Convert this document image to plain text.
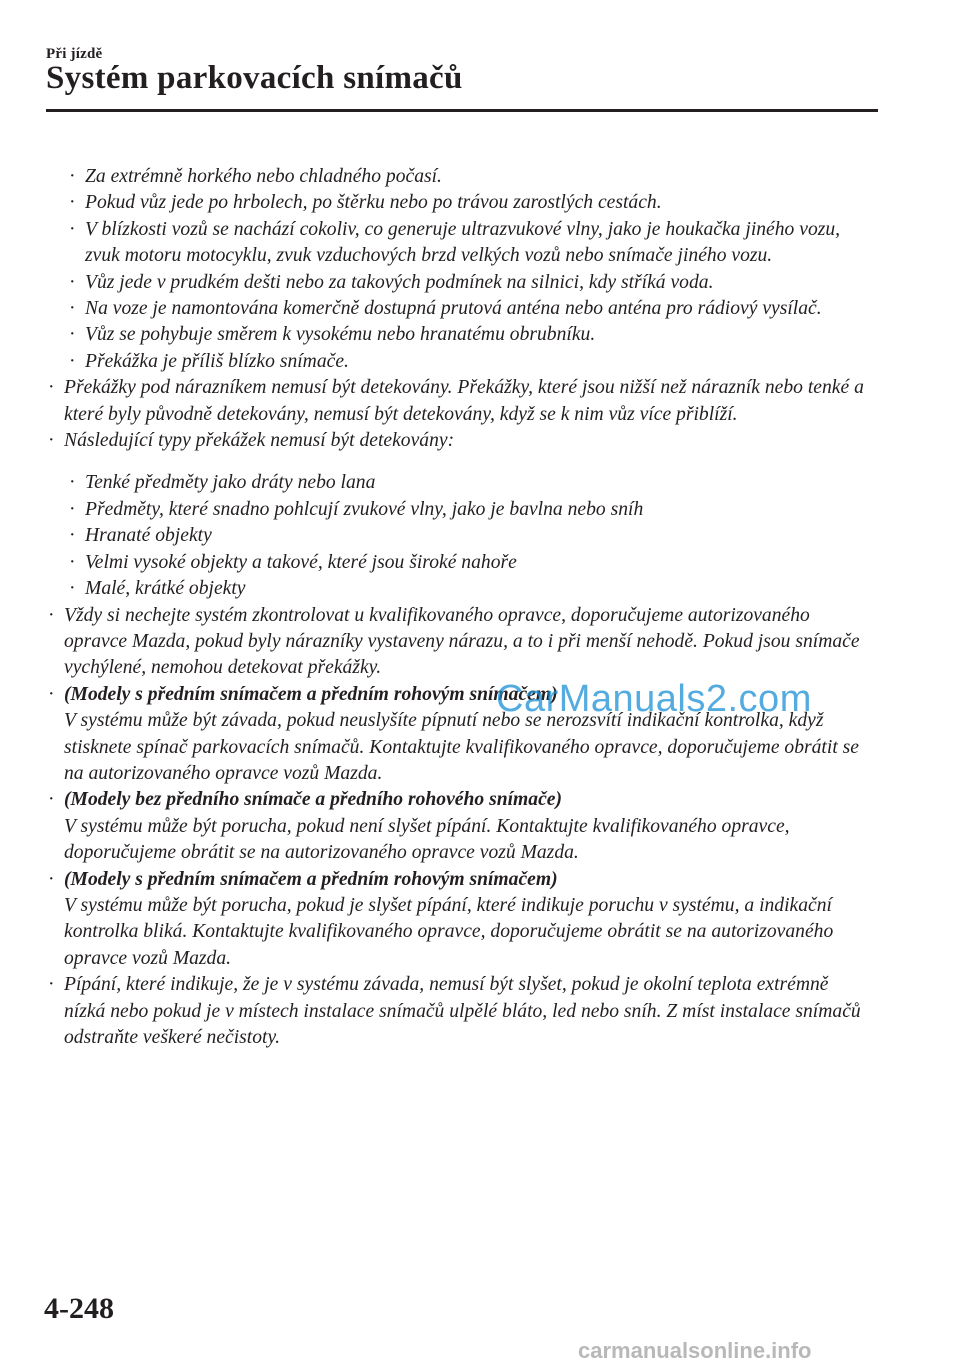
Při jízdě
Systém parkovacích snímačů
· Za extrémně horkého nebo chladného počasí.
· Pokud vůz jede po hrbolech, po štěrku nebo po trávou zarostlých cestách.
· V blízkosti vozů se nachází cokoliv, co generuje ultrazvukové vlny, jako je houkačka jiného vozu, zvuk motoru motocyklu, zvuk vzduchových brzd velkých vozů nebo snímače jiného vozu.
· Vůz jede v prudkém dešti nebo za takových podmínek na silnici, kdy stříká voda.
· Na voze je namontována komerčně dostupná prutová anténa nebo anténa pro rádiový vysílač.
· Vůz se pohybuje směrem k vysokému nebo hranatému obrubníku.
· Překážka je příliš blízko snímače.
· Překážky pod nárazníkem nemusí být detekovány. Překážky, které jsou nižší než nárazník nebo tenké a které byly původně detekovány, nemusí být detekovány, když se k nim vůz více přiblíží.
· Následující typy překážek nemusí být detekovány:
· Tenké předměty jako dráty nebo lana
· Předměty, které snadno pohlcují zvukové vlny, jako je bavlna nebo sníh
· Hranaté objekty
· Velmi vysoké objekty a takové, které jsou široké nahoře
· Malé, krátké objekty
· Vždy si nechejte systém zkontrolovat u kvalifikovaného opravce, doporučujeme autorizovaného opravce Mazda, pokud byly nárazníky vystaveny nárazu, a to i při menší nehodě. Pokud jsou snímače vychýlené, nemohou detekovat překážky.
· (Modely s předním snímačem a předním rohovým snímačem)
V systému může být závada, pokud neuslyšíte pípnutí nebo se nerozsvítí indikační kontrolka, když stisknete spínač parkovacích snímačů. Kontaktujte kvalifikovaného opravce, doporučujeme obrátit se na autorizovaného opravce vozů Mazda.
· (Modely bez předního snímače a předního rohového snímače)
V systému může být porucha, pokud není slyšet pípání. Kontaktujte kvalifikovaného opravce, doporučujeme obrátit se na autorizovaného opravce vozů Mazda.
· (Modely s předním snímačem a předním rohovým snímačem)
V systému může být porucha, pokud je slyšet pípání, které indikuje poruchu v systému, a indikační kontrolka bliká. Kontaktujte kvalifikovaného opravce, doporučujeme obrátit se na autorizovaného opravce vozů Mazda.
· Pípání, které indikuje, že je v systému závada, nemusí být slyšet, pokud je okolní teplota extrémně nízká nebo pokud je v místech instalace snímačů ulpělé bláto, led nebo sníh. Z míst instalace snímačů odstraňte veškeré nečistoty.
4-248
CarManuals2.com
carmanualsonline.info
